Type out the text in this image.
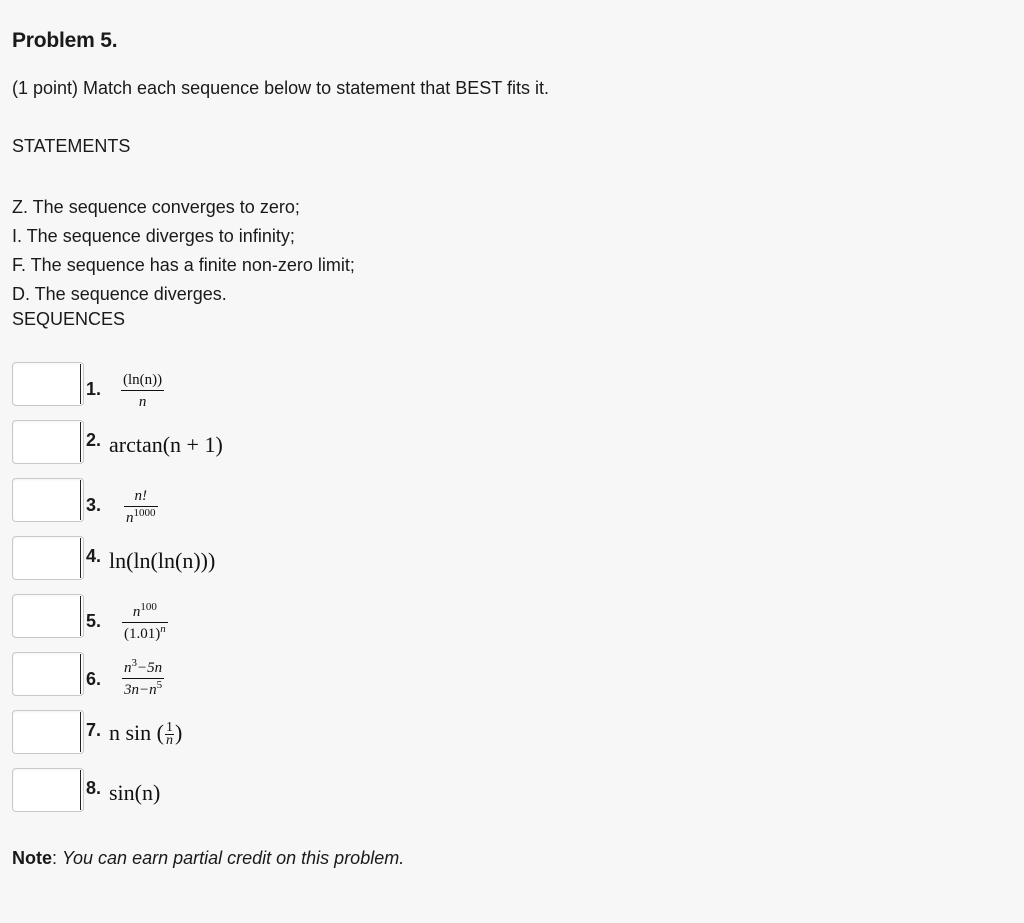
Problem 5.
(1 point) Match each sequence below to statement that BEST fits it.
STATEMENTS
Z. The sequence converges to zero;
I. The sequence diverges to infinity;
F. The sequence has a finite non-zero limit;
D. The sequence diverges.
SEQUENCES
1. $\frac{(\ln(n))}{n}$
2. arctan(n + 1)
3. $\frac{n!}{n^{1000}}$
4. ln(ln(ln(n)))
5. $\frac{n^{100}}{(1.01)^n}$
6. $\frac{n^3-5n}{3n-n^5}$
7. n sin ( $\frac{1}{n}$ )
8. sin(n)
Note: You can earn partial credit on this problem.
